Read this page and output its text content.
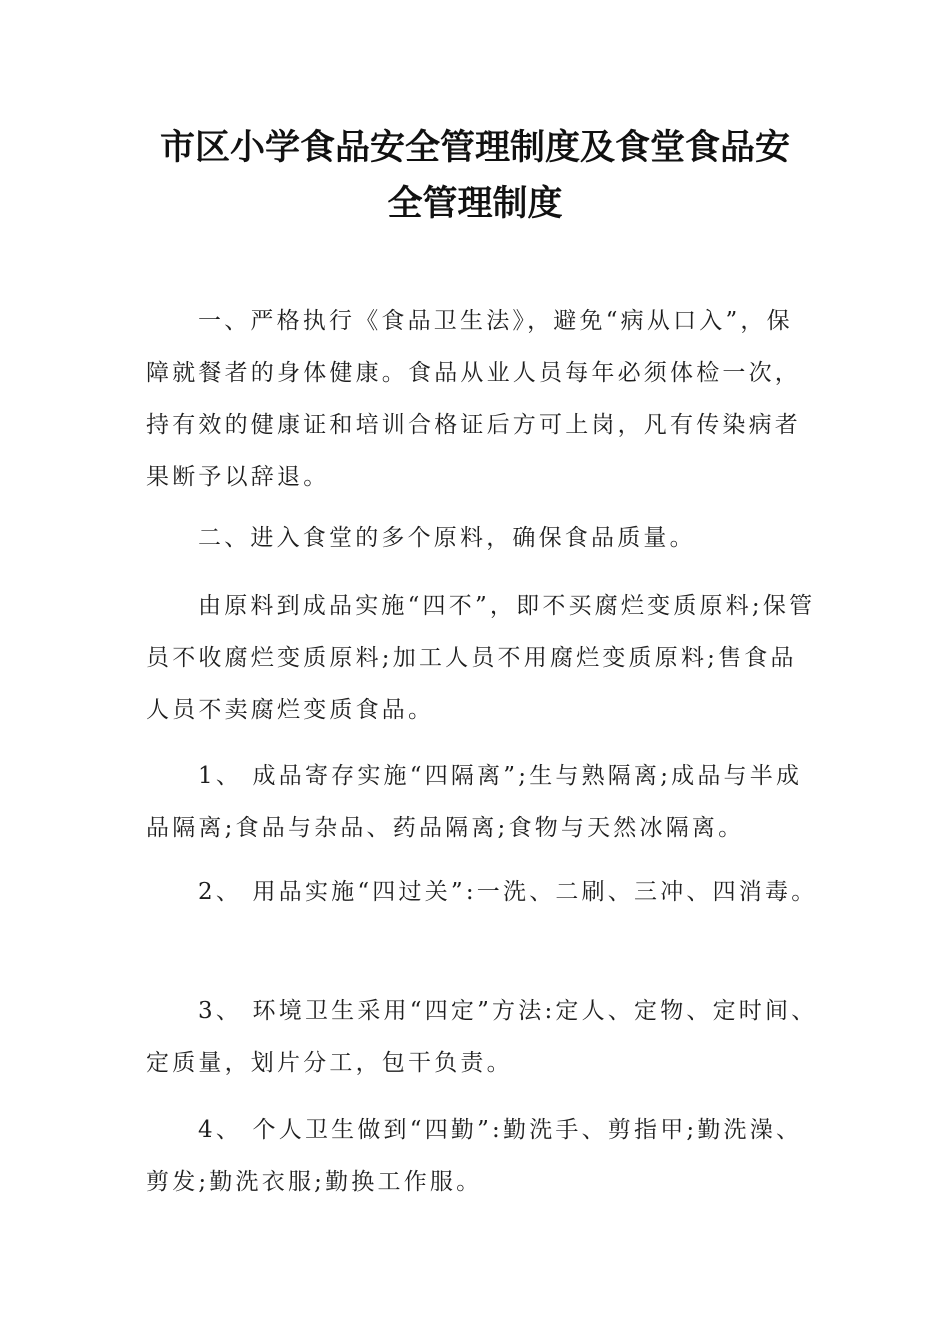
市区小学食品安全管理制度及食堂食品安
全管理制度

一、严格执行《食品卫生法》，避免“病从口入”，保障就餐者的身体健康。食品从业人员每年必须体检一次，持有效的健康证和培训合格证后方可上岗，凡有传染病者果断予以辞退。

二、进入食堂的多个原料，确保食品质量。

由原料到成品实施“四不”，即不买腐烂变质原料;保管员不收腐烂变质原料;加工人员不用腐烂变质原料;售食品人员不卖腐烂变质食品。

1、 成品寄存实施“四隔离”;生与熟隔离;成品与半成品隔离;食品与杂品、药品隔离;食物与天然冰隔离。

2、 用品实施“四过关”:一洗、二刷、三冲、四消毒。

3、 环境卫生采用“四定”方法:定人、定物、定时间、定质量，划片分工，包干负责。

4、 个人卫生做到“四勤”:勤洗手、剪指甲;勤洗澡、剪发;勤洗衣服;勤换工作服。
